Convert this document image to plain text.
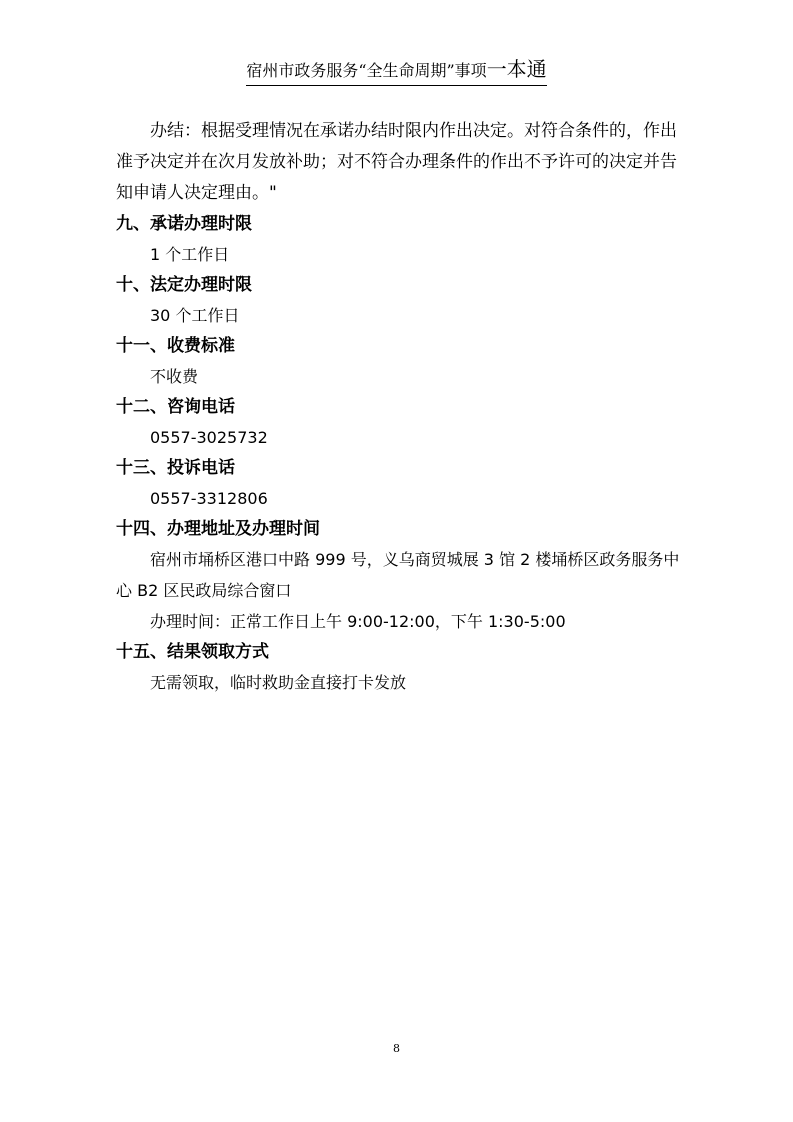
宿州市政务服务“全生命周期”事项一本通

办结：根据受理情况在承诺办结时限内作出决定。对符合条件的，作出准予决定并在次月发放补助；对不符合办理条件的作出不予许可的决定并告知申请人决定理由。"

九、承诺办理时限

1 个工作日

十、法定办理时限

30 个工作日

十一、收费标准

不收费

十二、咨询电话

0557-3025732

十三、投诉电话

0557-3312806

十四、办理地址及办理时间

宿州市埇桥区港口中路 999 号，义乌商贸城展 3 馆 2 楼埇桥区政务服务中心 B2 区民政局综合窗口

办理时间：正常工作日上午 9:00-12:00，下午 1:30-5:00

十五、结果领取方式

无需领取，临时救助金直接打卡发放

8
